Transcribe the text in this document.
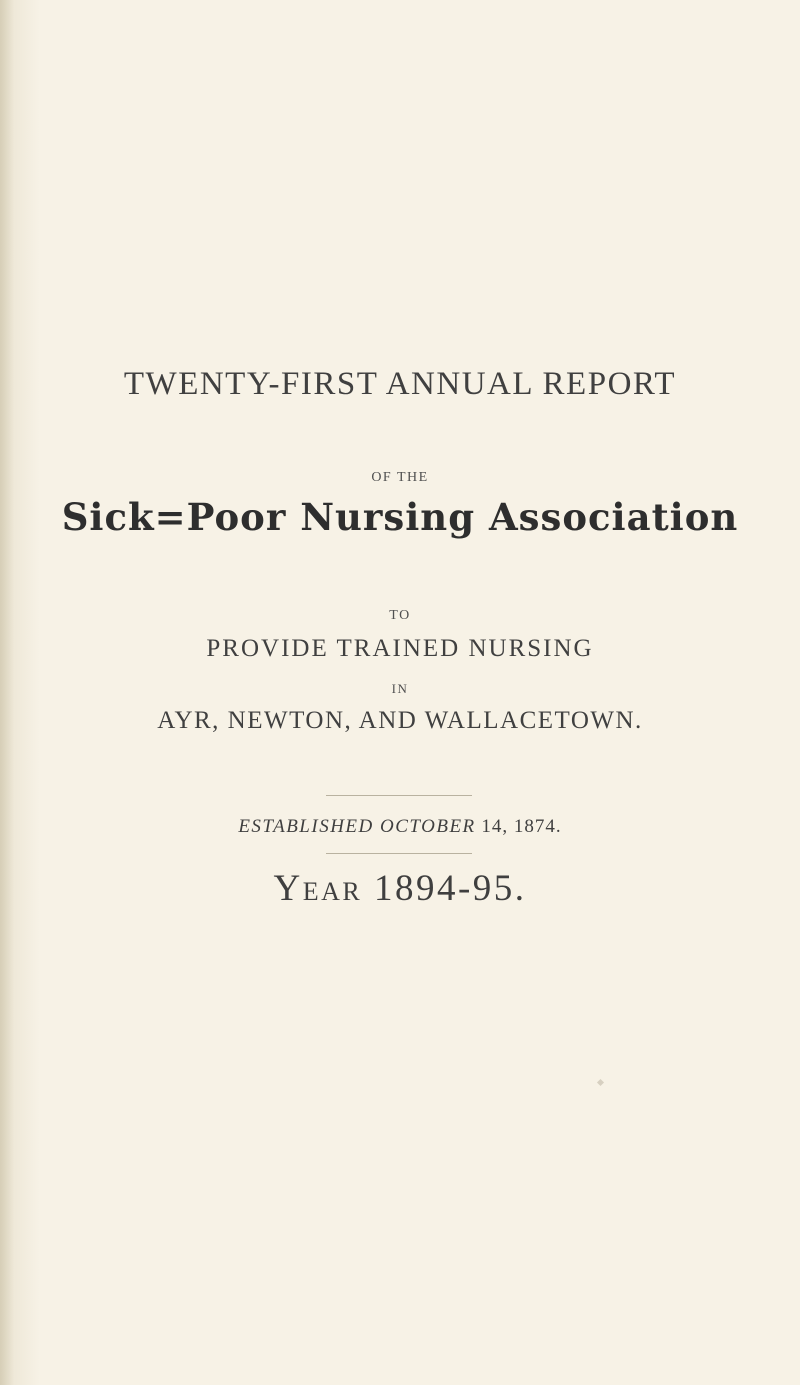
TWENTY-FIRST ANNUAL REPORT
OF THE
Sick=Poor Nursing Association
TO
PROVIDE TRAINED NURSING
IN
AYR, NEWTON, AND WALLACETOWN.
ESTABLISHED OCTOBER 14, 1874.
Year 1894-95.
